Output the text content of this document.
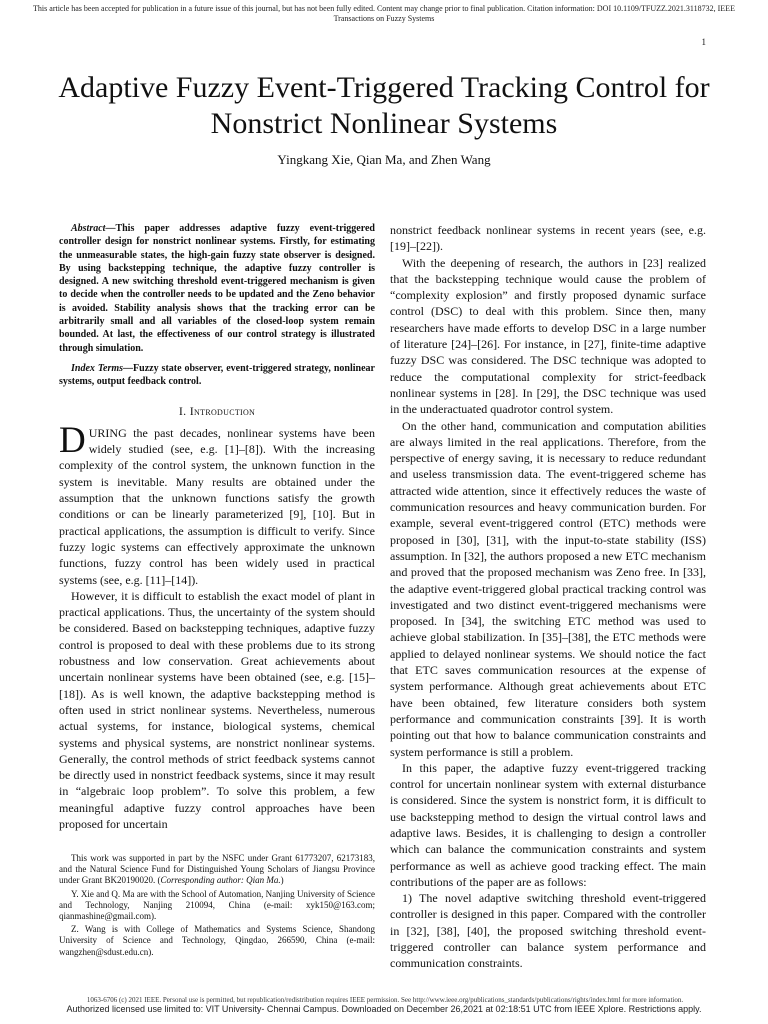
This article has been accepted for publication in a future issue of this journal, but has not been fully edited. Content may change prior to final publication. Citation information: DOI 10.1109/TFUZZ.2021.3118732, IEEE Transactions on Fuzzy Systems
1
Adaptive Fuzzy Event-Triggered Tracking Control for Nonstrict Nonlinear Systems
Yingkang Xie, Qian Ma, and Zhen Wang

Abstract—This paper addresses adaptive fuzzy event-triggered controller design for nonstrict nonlinear systems. Firstly, for estimating the unmeasurable states, the high-gain fuzzy state observer is designed. By using backstepping technique, the adaptive fuzzy controller is designed. A new switching threshold event-triggered mechanism is given to decide when the controller needs to be updated and the Zeno behavior is avoided. Stability analysis shows that the tracking error can be arbitrarily small and all variables of the closed-loop system remain bounded. At last, the effectiveness of our control strategy is illustrated through simulation.

Index Terms—Fuzzy state observer, event-triggered strategy, nonlinear systems, output feedback control.

I. Introduction

DURING the past decades, nonlinear systems have been widely studied (see, e.g. [1]–[8]). With the increasing complexity of the control system, the unknown function in the system is inevitable. Many results are obtained under the assumption that the unknown functions satisfy the growth conditions or can be linearly parameterized [9], [10]. But in practical applications, the assumption is difficult to verify. Since fuzzy logic systems can effectively approximate the unknown functions, fuzzy control has been widely used in practical systems (see, e.g. [11]–[14]).

However, it is difficult to establish the exact model of plant in practical applications. Thus, the uncertainty of the system should be considered. Based on backstepping techniques, adaptive fuzzy control is proposed to deal with these problems due to its strong robustness and low conservation. Great achievements about uncertain nonlinear systems have been obtained (see, e.g. [15]–[18]). As is well known, the adaptive backstepping method is often used in strict nonlinear systems. Nevertheless, numerous actual systems, for instance, biological systems, chemical systems and physical systems, are nonstrict nonlinear systems. Generally, the control methods of strict feedback systems cannot be directly used in nonstrict feedback systems, since it may result in “algebraic loop problem”. To solve this problem, a few meaningful adaptive fuzzy control approaches have been proposed for uncertain

nonstrict feedback nonlinear systems in recent years (see, e.g. [19]–[22]).

With the deepening of research, the authors in [23] realized that the backstepping technique would cause the problem of “complexity explosion” and firstly proposed dynamic surface control (DSC) to deal with this problem. Since then, many researchers have made efforts to develop DSC in a large number of literature [24]–[26]. For instance, in [27], finite-time adaptive fuzzy DSC was considered. The DSC technique was adopted to reduce the computational complexity for strict-feedback nonlinear systems in [28]. In [29], the DSC technique was used in the underactuated quadrotor control system.

On the other hand, communication and computation abilities are always limited in the real applications. Therefore, from the perspective of energy saving, it is necessary to reduce redundant and useless transmission data. The event-triggered scheme has attracted wide attention, since it effectively reduces the waste of communication resources and heavy communication burden. For example, several event-triggered control (ETC) methods were proposed in [30], [31], with the input-to-state stability (ISS) assumption. In [32], the authors proposed a new ETC mechanism and proved that the proposed mechanism was Zeno free. In [33], the adaptive event-triggered global practical tracking control was investigated and two distinct event-triggered mechanisms were proposed. In [34], the switching ETC method was used to achieve global stabilization. In [35]–[38], the ETC methods were applied to delayed nonlinear systems. We should notice the fact that ETC saves communication resources at the expense of system performance. Although great achievements about ETC have been obtained, few literature considers both system performance and communication constraints [39]. It is worth pointing out that how to balance communication constraints and system performance is still a problem.

In this paper, the adaptive fuzzy event-triggered tracking control for uncertain nonlinear system with external disturbance is considered. Since the system is nonstrict form, it is difficult to use backstepping method to design the virtual control laws and adaptive laws. Besides, it is challenging to design a controller which can balance the communication constraints and system performance as well as achieve good tracking effect. The main contributions of the paper are as follows:

1) The novel adaptive switching threshold event-triggered controller is designed in this paper. Compared with the controller in [32], [38], [40], the proposed switching threshold event-triggered controller can balance system performance and communication constraints.

This work was supported in part by the NSFC under Grant 61773207, 62173183, and the Natural Science Fund for Distinguished Young Scholars of Jiangsu Province under Grant BK20190020. (Corresponding author: Qian Ma.)

Y. Xie and Q. Ma are with the School of Automation, Nanjing University of Science and Technology, Nanjing 210094, China (e-mail: xyk150@163.com; qianmashine@gmail.com).

Z. Wang is with College of Mathematics and Systems Science, Shandong University of Science and Technology, Qingdao, 266590, China (e-mail: wangzhen@sdust.edu.cn).

1063-6706 (c) 2021 IEEE. Personal use is permitted, but republication/redistribution requires IEEE permission. See http://www.ieee.org/publications_standards/publications/rights/index.html for more information.
Authorized licensed use limited to: VIT University- Chennai Campus. Downloaded on December 26,2021 at 02:18:51 UTC from IEEE Xplore. Restrictions apply.
